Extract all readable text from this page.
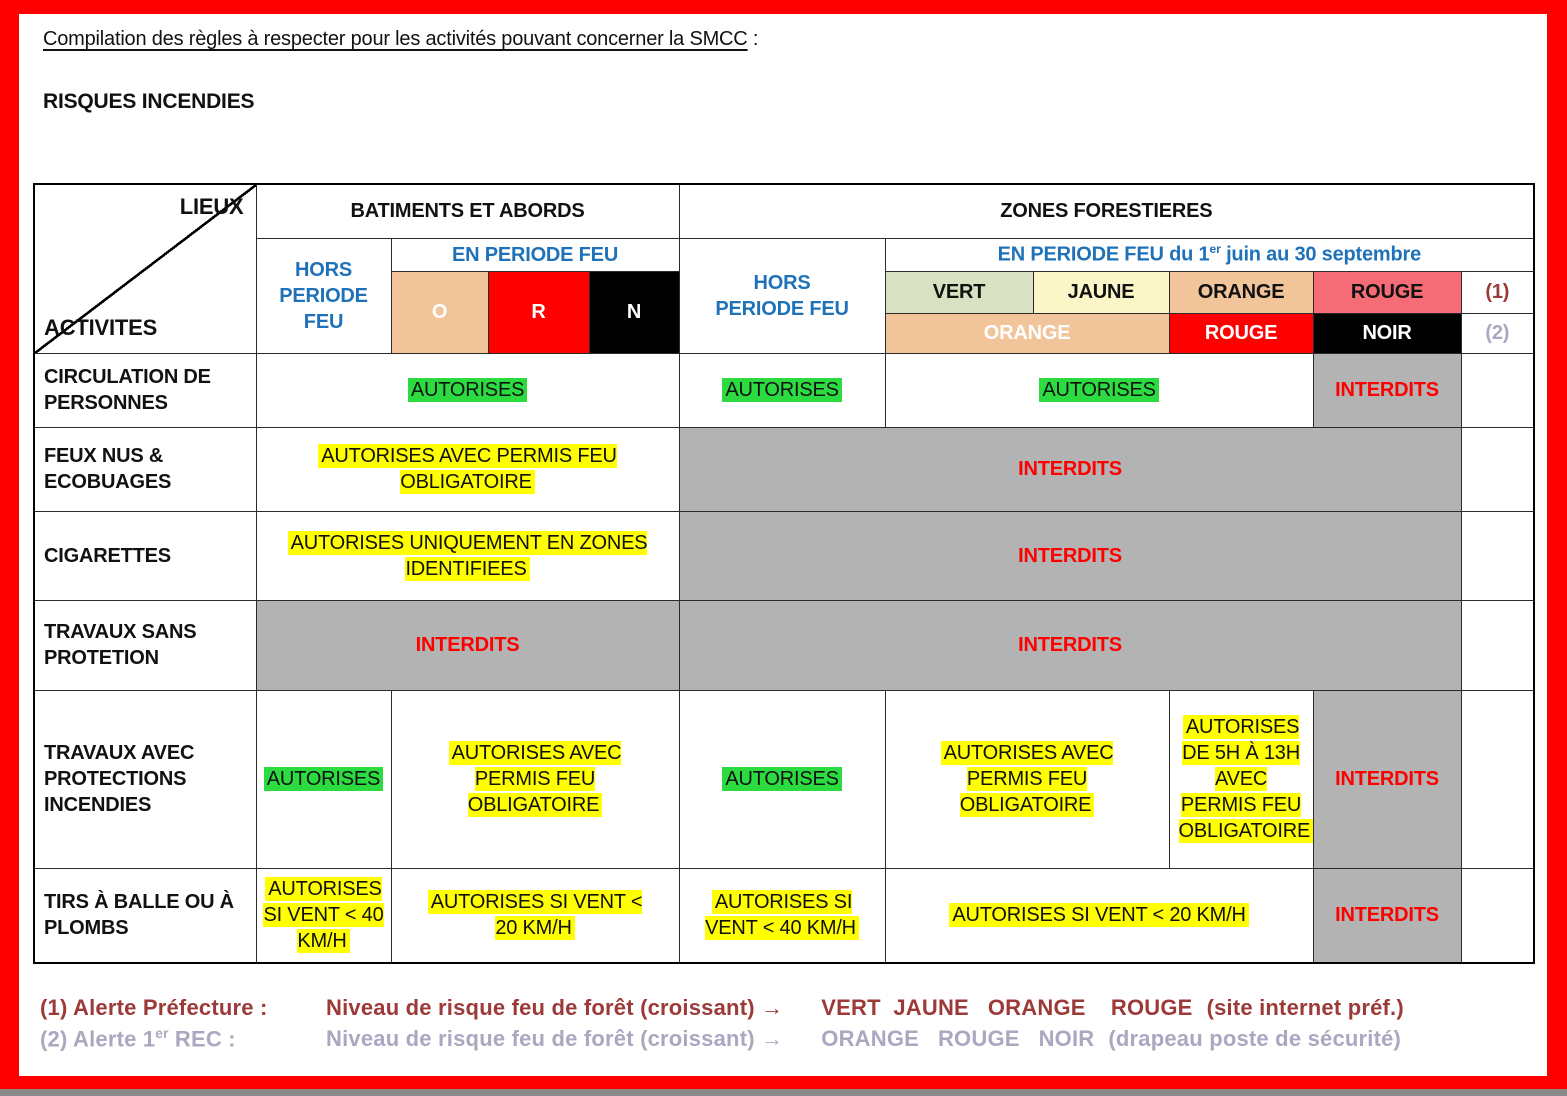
Compilation des règles à respecter pour les activités pouvant concerner la SMCC :
RISQUES INCENDIES
LIEUX
ACTIVITES	BATIMENTS ET ABORDS				ZONES FORESTIERES					
	HORS PERIODE FEU	EN PERIODE FEU			HORS PERIODE FEU	EN PERIODE FEU du 1er juin au 30 septembre				
		O	R	N		VERT	JAUNE	ORANGE	ROUGE	(1)
						ORANGE		ROUGE	NOIR	(2)
CIRCULATION DE PERSONNES	AUTORISES				AUTORISES	AUTORISES			INTERDITS	
FEUX NUS & ECOBUAGES	AUTORISES AVEC PERMIS FEU OBLIGATOIRE				INTERDITS					
CIGARETTES	AUTORISES UNIQUEMENT EN ZONES IDENTIFIEES				INTERDITS					
TRAVAUX SANS PROTETION	INTERDITS				INTERDITS					
TRAVAUX AVEC PROTECTIONS INCENDIES	AUTORISES	AUTORISES AVEC PERMIS FEU OBLIGATOIRE			AUTORISES	AUTORISES AVEC PERMIS FEU OBLIGATOIRE		AUTORISES DE 5H À 13H AVEC PERMIS FEU OBLIGATOIRE	INTERDITS	
TIRS À BALLE OU À PLOMBS	AUTORISES SI VENT < 40 KM/H	AUTORISES SI VENT < 20 KM/H			AUTORISES SI VENT < 40 KM/H	AUTORISES SI VENT < 20 KM/H			INTERDITS	
(1) Alerte Préfecture :	Niveau de risque feu de forêt (croissant) → VERT  JAUNE   ORANGE    ROUGE (site internet préf.)
(2) Alerte 1er REC :	Niveau de risque feu de forêt (croissant) → ORANGE   ROUGE   NOIR (drapeau poste de sécurité)
